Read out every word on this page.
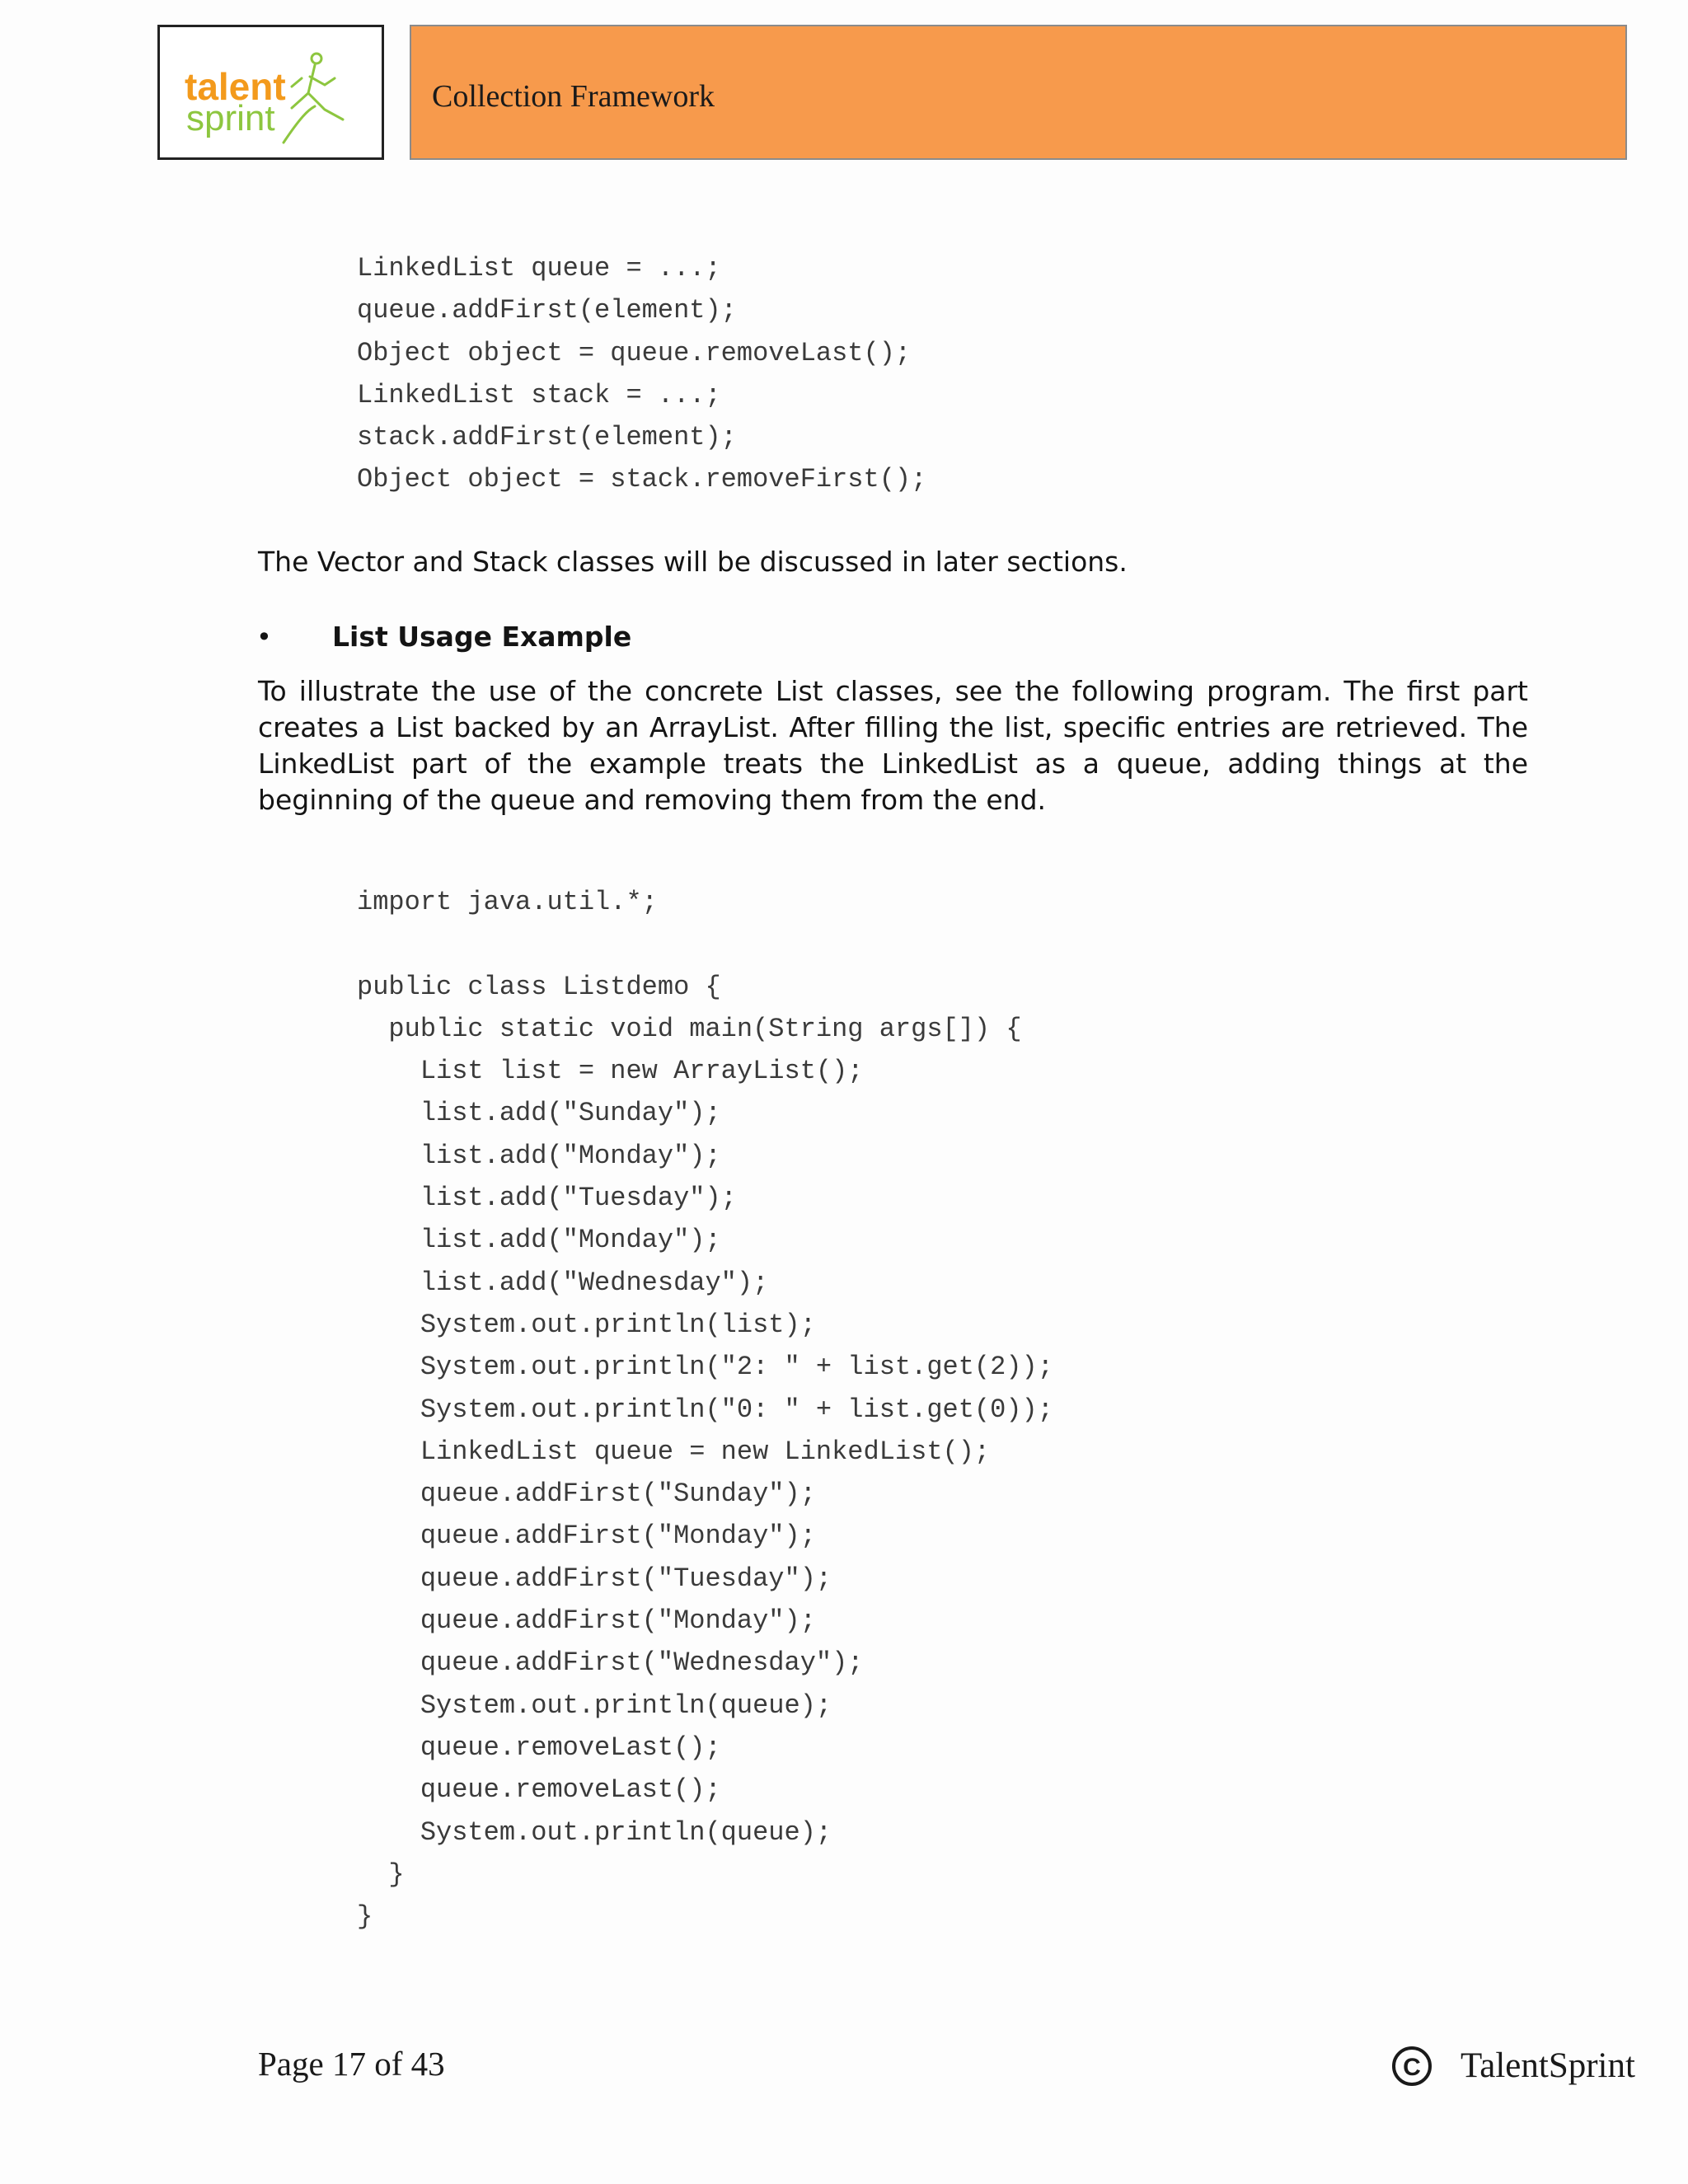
talent
sprint
Collection Framework
LinkedList queue = ...;
queue.addFirst(element);
Object object = queue.removeLast();
LinkedList stack = ...;
stack.addFirst(element);
Object object = stack.removeFirst();

The Vector and Stack classes will be discussed in later sections.

• List Usage Example

To illustrate the use of the concrete List classes, see the following program. The first part creates a List backed by an ArrayList. After filling the list, specific entries are retrieved. The LinkedList part of the example treats the LinkedList as a queue, adding things at the beginning of the queue and removing them from the end.

import java.util.*;
public class Listdemo {
public static void main(String args[]) {
List list = new ArrayList();
list.add("Sunday");
list.add("Monday");
list.add("Tuesday");
list.add("Monday");
list.add("Wednesday");
System.out.println(list);
System.out.println("2: " + list.get(2));
System.out.println("0: " + list.get(0));
LinkedList queue = new LinkedList();
queue.addFirst("Sunday");
queue.addFirst("Monday");
queue.addFirst("Tuesday");
queue.addFirst("Monday");
queue.addFirst("Wednesday");
System.out.println(queue);
queue.removeLast();
queue.removeLast();
System.out.println(queue);
}
}
Page 17 of 43	C TalentSprint
